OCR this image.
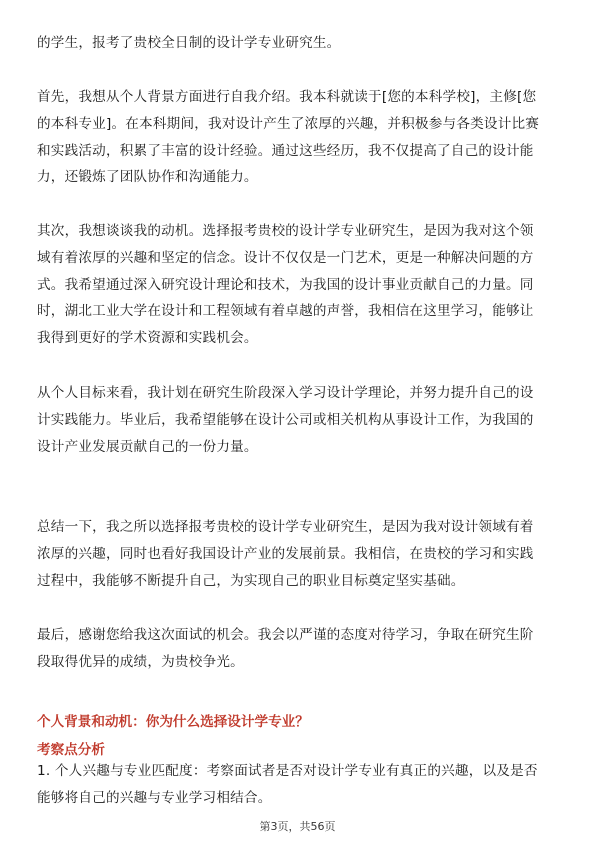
的学生，报考了贵校全日制的设计学专业研究生。

首先，我想从个人背景方面进行自我介绍。我本科就读于[您的本科学校]，主修[您
的本科专业]。在本科期间，我对设计产生了浓厚的兴趣，并积极参与各类设计比赛
和实践活动，积累了丰富的设计经验。通过这些经历，我不仅提高了自己的设计能
力，还锻炼了团队协作和沟通能力。

其次，我想谈谈我的动机。选择报考贵校的设计学专业研究生，是因为我对这个领
域有着浓厚的兴趣和坚定的信念。设计不仅仅是一门艺术，更是一种解决问题的方
式。我希望通过深入研究设计理论和技术，为我国的设计事业贡献自己的力量。同
时，湖北工业大学在设计和工程领域有着卓越的声誉，我相信在这里学习，能够让
我得到更好的学术资源和实践机会。

从个人目标来看，我计划在研究生阶段深入学习设计学理论，并努力提升自己的设
计实践能力。毕业后，我希望能够在设计公司或相关机构从事设计工作，为我国的
设计产业发展贡献自己的一份力量。

总结一下，我之所以选择报考贵校的设计学专业研究生，是因为我对设计领域有着
浓厚的兴趣，同时也看好我国设计产业的发展前景。我相信，在贵校的学习和实践
过程中，我能够不断提升自己，为实现自己的职业目标奠定坚实基础。

最后，感谢您给我这次面试的机会。我会以严谨的态度对待学习，争取在研究生阶
段取得优异的成绩，为贵校争光。

个人背景和动机：你为什么选择设计学专业？

考察点分析

1. 个人兴趣与专业匹配度：考察面试者是否对设计学专业有真正的兴趣，以及是否
能够将自己的兴趣与专业学习相结合。

第3页，共56页
